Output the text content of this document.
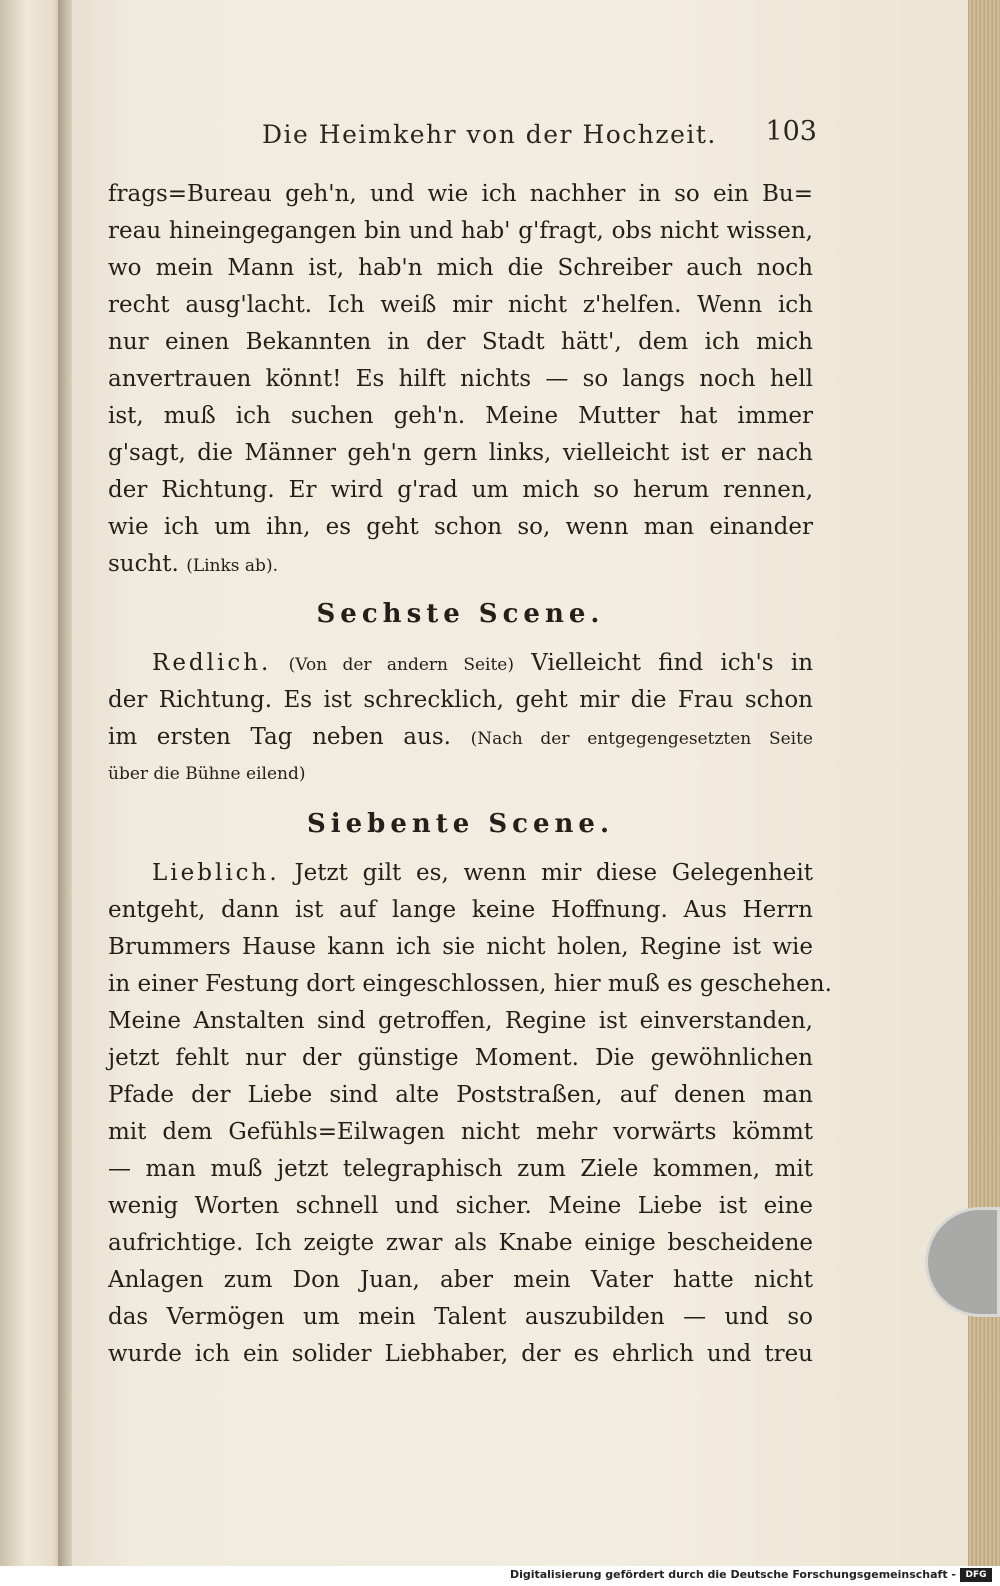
Die Heimkehr von der Hochzeit. 103
frags=Bureau geh'n, und wie ich nachher in so ein Bu=
reau hineingegangen bin und hab' g'fragt, obs nicht wissen,
wo mein Mann ist, hab'n mich die Schreiber auch noch
recht ausg'lacht. Ich weiß mir nicht z'helfen. Wenn ich
nur einen Bekannten in der Stadt hätt', dem ich mich
anvertrauen könnt! Es hilft nichts — so langs noch hell
ist, muß ich suchen geh'n. Meine Mutter hat immer
g'sagt, die Männer geh'n gern links, vielleicht ist er nach
der Richtung. Er wird g'rad um mich so herum rennen,
wie ich um ihn, es geht schon so, wenn man einander
sucht. (Links ab).
Sechste Scene.
Redlich. (Von der andern Seite) Vielleicht find ich's in
der Richtung. Es ist schrecklich, geht mir die Frau schon
im ersten Tag neben aus. (Nach der entgegengesetzten Seite
über die Bühne eilend)
Siebente Scene.
Lieblich. Jetzt gilt es, wenn mir diese Gelegenheit
entgeht, dann ist auf lange keine Hoffnung. Aus Herrn
Brummers Hause kann ich sie nicht holen, Regine ist wie
in einer Festung dort eingeschlossen, hier muß es geschehen.
Meine Anstalten sind getroffen, Regine ist einverstanden,
jetzt fehlt nur der günstige Moment. Die gewöhnlichen
Pfade der Liebe sind alte Poststraßen, auf denen man
mit dem Gefühls=Eilwagen nicht mehr vorwärts kömmt
— man muß jetzt telegraphisch zum Ziele kommen, mit
wenig Worten schnell und sicher. Meine Liebe ist eine
aufrichtige. Ich zeigte zwar als Knabe einige bescheidene
Anlagen zum Don Juan, aber mein Vater hatte nicht
das Vermögen um mein Talent auszubilden — und so
wurde ich ein solider Liebhaber, der es ehrlich und treu
Digitalisierung gefördert durch die Deutsche Forschungsgemeinschaft -	DFG
